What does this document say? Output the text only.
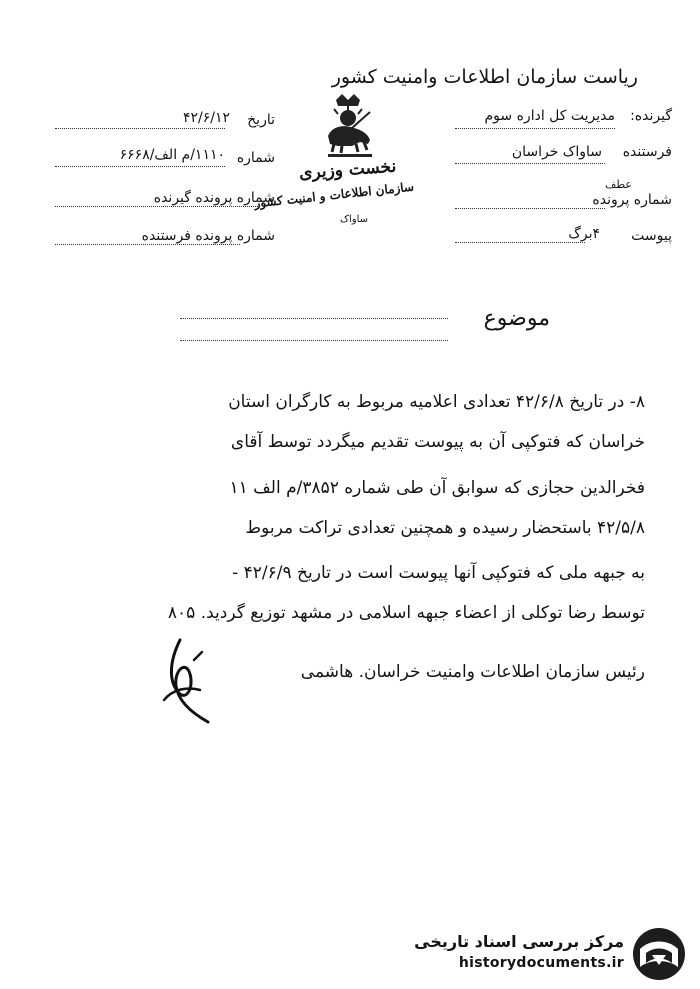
ریاست سازمان اطلاعات وامنیت کشور
گیرنده:
مدیریت کل اداره سوم
فرستنده
ساواک خراسان
عطف
شماره پرونده
پیوست
۴برگ
تاریخ
۴۲/۶/۱۲
شماره
۱۱۱۰/م الف/۶۶۶۸
شماره پرونده گیرنده
شماره پرونده فرستنده
نخست وزیری
سازمان اطلاعات و امنیت کشور
ساواک
موضوع
۸- در تاریخ ۴۲/۶/۸ تعدادی اعلامیه مربوط به کارگران استان
خراسان که فتوکپی آن به پیوست تقدیم میگردد توسط آقای
فخرالدین حجازی که سوابق آن طی شماره ۳۸۵۲/م الف ۱۱
۴۲/۵/۸ باستحضار رسیده و همچنین تعدادی تراکت مربوط
به جبهه ملی که فتوکپی آنها پیوست است در تاریخ ۴۲/۶/۹ -
توسط رضا توکلی از اعضاء جبهه اسلامی در مشهد توزیع گردید. ۸۰۵
رئیس سازمان اطلاعات وامنیت خراسان. هاشمی
مرکز بررسی اسناد تاریخی
historydocuments.ir
